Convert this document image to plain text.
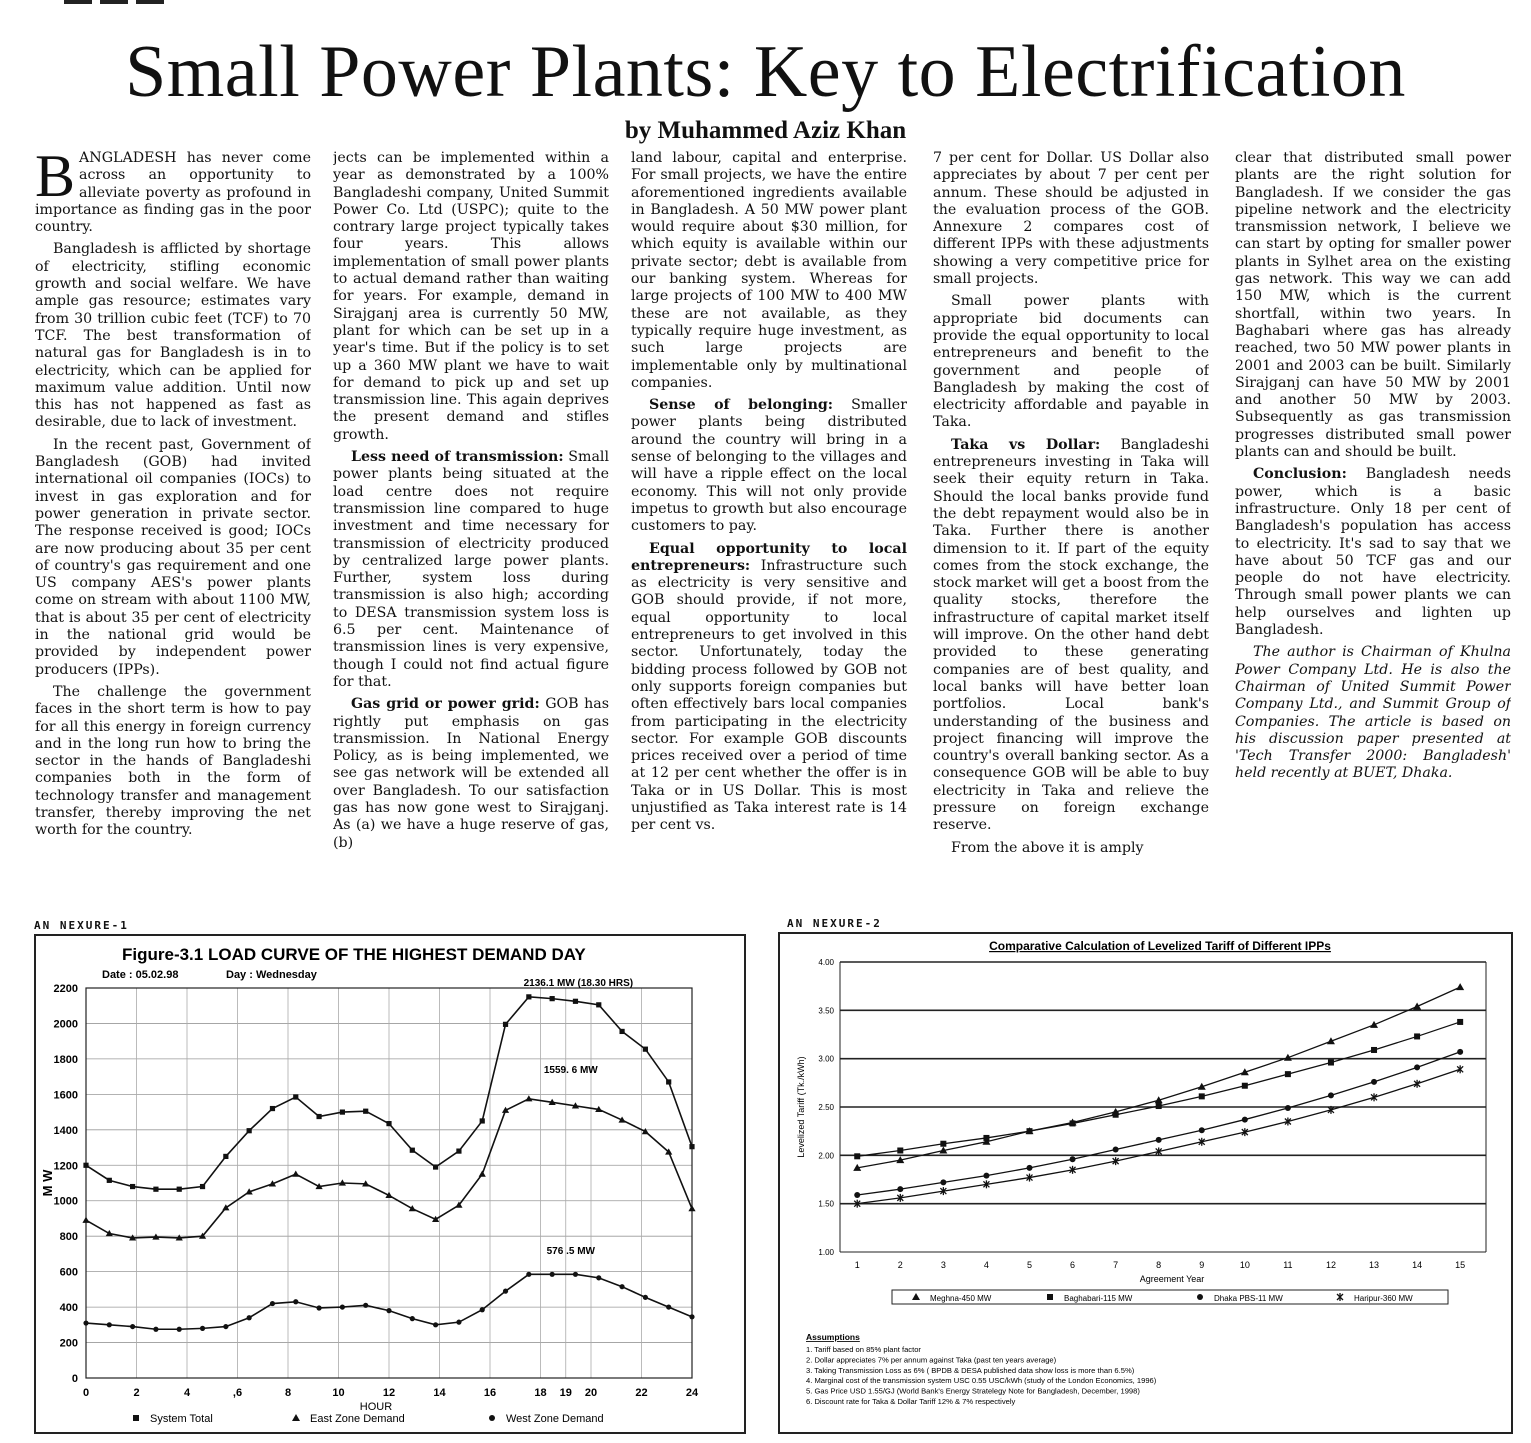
Small Power Plants: Key to Electrification
by Muhammed Aziz Khan

BANGLADESH has never come across an opportunity to alleviate poverty as profound in importance as finding gas in the poor country.

Bangladesh is afflicted by shortage of electricity, stifling economic growth and social welfare. We have ample gas resource; estimates vary from 30 trillion cubic feet (TCF) to 70 TCF. The best transformation of natural gas for Bangladesh is in to electricity, which can be applied for maximum value addition. Until now this has not happened as fast as desirable, due to lack of investment.

In the recent past, Government of Bangladesh (GOB) had invited international oil companies (IOCs) to invest in gas exploration and for power generation in private sector. The response received is good; IOCs are now producing about 35 per cent of country's gas requirement and one US company AES's power plants come on stream with about 1100 MW, that is about 35 per cent of electricity in the national grid would be provided by independent power producers (IPPs).

The challenge the government faces in the short term is how to pay for all this energy in foreign currency and in the long run how to bring the sector in the hands of Bangladeshi companies both in the form of technology transfer and management transfer, thereby improving the net worth for the country.

jects can be implemented within a year as demonstrated by a 100% Bangladeshi company, United Summit Power Co. Ltd (USPC); quite to the contrary large project typically takes four years. This allows implementation of small power plants to actual demand rather than waiting for years. For example, demand in Sirajganj area is currently 50 MW, plant for which can be set up in a year's time. But if the policy is to set up a 360 MW plant we have to wait for demand to pick up and set up transmission line. This again deprives the present demand and stifles growth.

Less need of transmission: Small power plants being situated at the load centre does not require transmission line compared to huge investment and time necessary for transmission of electricity produced by centralized large power plants. Further, system loss during transmission is also high; according to DESA transmission system loss is 6.5 per cent. Maintenance of transmission lines is very expensive, though I could not find actual figure for that.

Gas grid or power grid: GOB has rightly put emphasis on gas transmission. In National Energy Policy, as is being implemented, we see gas network will be extended all over Bangladesh. To our satisfaction gas has now gone west to Sirajganj. As (a) we have a huge reserve of gas, (b)

land labour, capital and enterprise. For small projects, we have the entire aforementioned ingredients available in Bangladesh. A 50 MW power plant would require about $30 million, for which equity is available within our private sector; debt is available from our banking system. Whereas for large projects of 100 MW to 400 MW these are not available, as they typically require huge investment, as such large projects are implementable only by multinational companies.

Sense of belonging: Smaller power plants being distributed around the country will bring in a sense of belonging to the villages and will have a ripple effect on the local economy. This will not only provide impetus to growth but also encourage customers to pay.

Equal opportunity to local entrepreneurs: Infrastructure such as electricity is very sensitive and GOB should provide, if not more, equal opportunity to local entrepreneurs to get involved in this sector. Unfortunately, today the bidding process followed by GOB not only supports foreign companies but often effectively bars local companies from participating in the electricity sector. For example GOB discounts prices received over a period of time at 12 per cent whether the offer is in Taka or in US Dollar. This is most unjustified as Taka interest rate is 14 per cent vs.

7 per cent for Dollar. US Dollar also appreciates by about 7 per cent per annum. These should be adjusted in the evaluation process of the GOB. Annexure 2 compares cost of different IPPs with these adjustments showing a very competitive price for small projects.

Small power plants with appropriate bid documents can provide the equal opportunity to local entrepreneurs and benefit to the government and people of Bangladesh by making the cost of electricity affordable and payable in Taka.

Taka vs Dollar: Bangladeshi entrepreneurs investing in Taka will seek their equity return in Taka. Should the local banks provide fund the debt repayment would also be in Taka. Further there is another dimension to it. If part of the equity comes from the stock exchange, the stock market will get a boost from the quality stocks, therefore the infrastructure of capital market itself will improve. On the other hand debt provided to these generating companies are of best quality, and local banks will have better loan portfolios. Local bank's understanding of the business and project financing will improve the country's overall banking sector. As a consequence GOB will be able to buy electricity in Taka and relieve the pressure on foreign exchange reserve.

From the above it is amply

clear that distributed small power plants are the right solution for Bangladesh. If we consider the gas pipeline network and the electricity transmission network, I believe we can start by opting for smaller power plants in Sylhet area on the existing gas network. This way we can add 150 MW, which is the current shortfall, within two years. In Baghabari where gas has already reached, two 50 MW power plants in 2001 and 2003 can be built. Similarly Sirajganj can have 50 MW by 2001 and another 50 MW by 2003. Subsequently as gas transmission progresses distributed small power plants can and should be built.

Conclusion: Bangladesh needs power, which is a basic infrastructure. Only 18 per cent of Bangladesh's population has access to electricity. It's sad to say that we have about 50 TCF gas and our people do not have electricity. Through small power plants we can help ourselves and lighten up Bangladesh.

The author is Chairman of Khulna Power Company Ltd. He is also the Chairman of United Summit Power Company Ltd., and Summit Group of Companies. The article is based on his discussion paper presented at 'Tech Transfer 2000: Bangladesh' held recently at BUET, Dhaka.

AN NEXURE-1	AN NEXURE-2
Figure-3.1 LOAD CURVE OF THE HIGHEST DEMAND DAY
Date : 05.02.98	Day : Wednesday
0
200
400
600
800
1000
1200
1400
1600
1800
2000
2200
0	2	4	,6	8	10	12	14	16	18 19 20	22	24
M W
HOUR
2136.1 MW (18.30 HRS)
1559. 6 MW
576 .5 MW
System Total	East Zone Demand	West Zone Demand
Comparative Calculation of Levelized Tariff of Different IPPs
1.00
1.50
2.00
2.50
3.00
3.50
4.00
1	2	3	4	5	6	7	8	9	10	11	12	13	14	15
Agreement Year
Levelized Tariff (Tk./kWh)
Meghna-450 MW	Baghabari-115 MW	Dhaka PBS-11 MW	Haripur-360 MW
Assumptions
1. Tariff based on 85% plant factor
2. Dollar appreciates 7% per annum against Taka (past ten years average)
3. Taking Transmission Loss as 6% ( BPDB & DESA published data show loss is more than 6.5%)
4. Marginal cost of the transmission system USC 0.55 USC/kWh (study of the London Economics, 1996)
5. Gas Price USD 1.55/GJ (World Bank's Energy Stratelegy Note for Bangladesh, December, 1998)
6. Discount rate for Taka & Dollar Tariff 12% & 7% respectively
